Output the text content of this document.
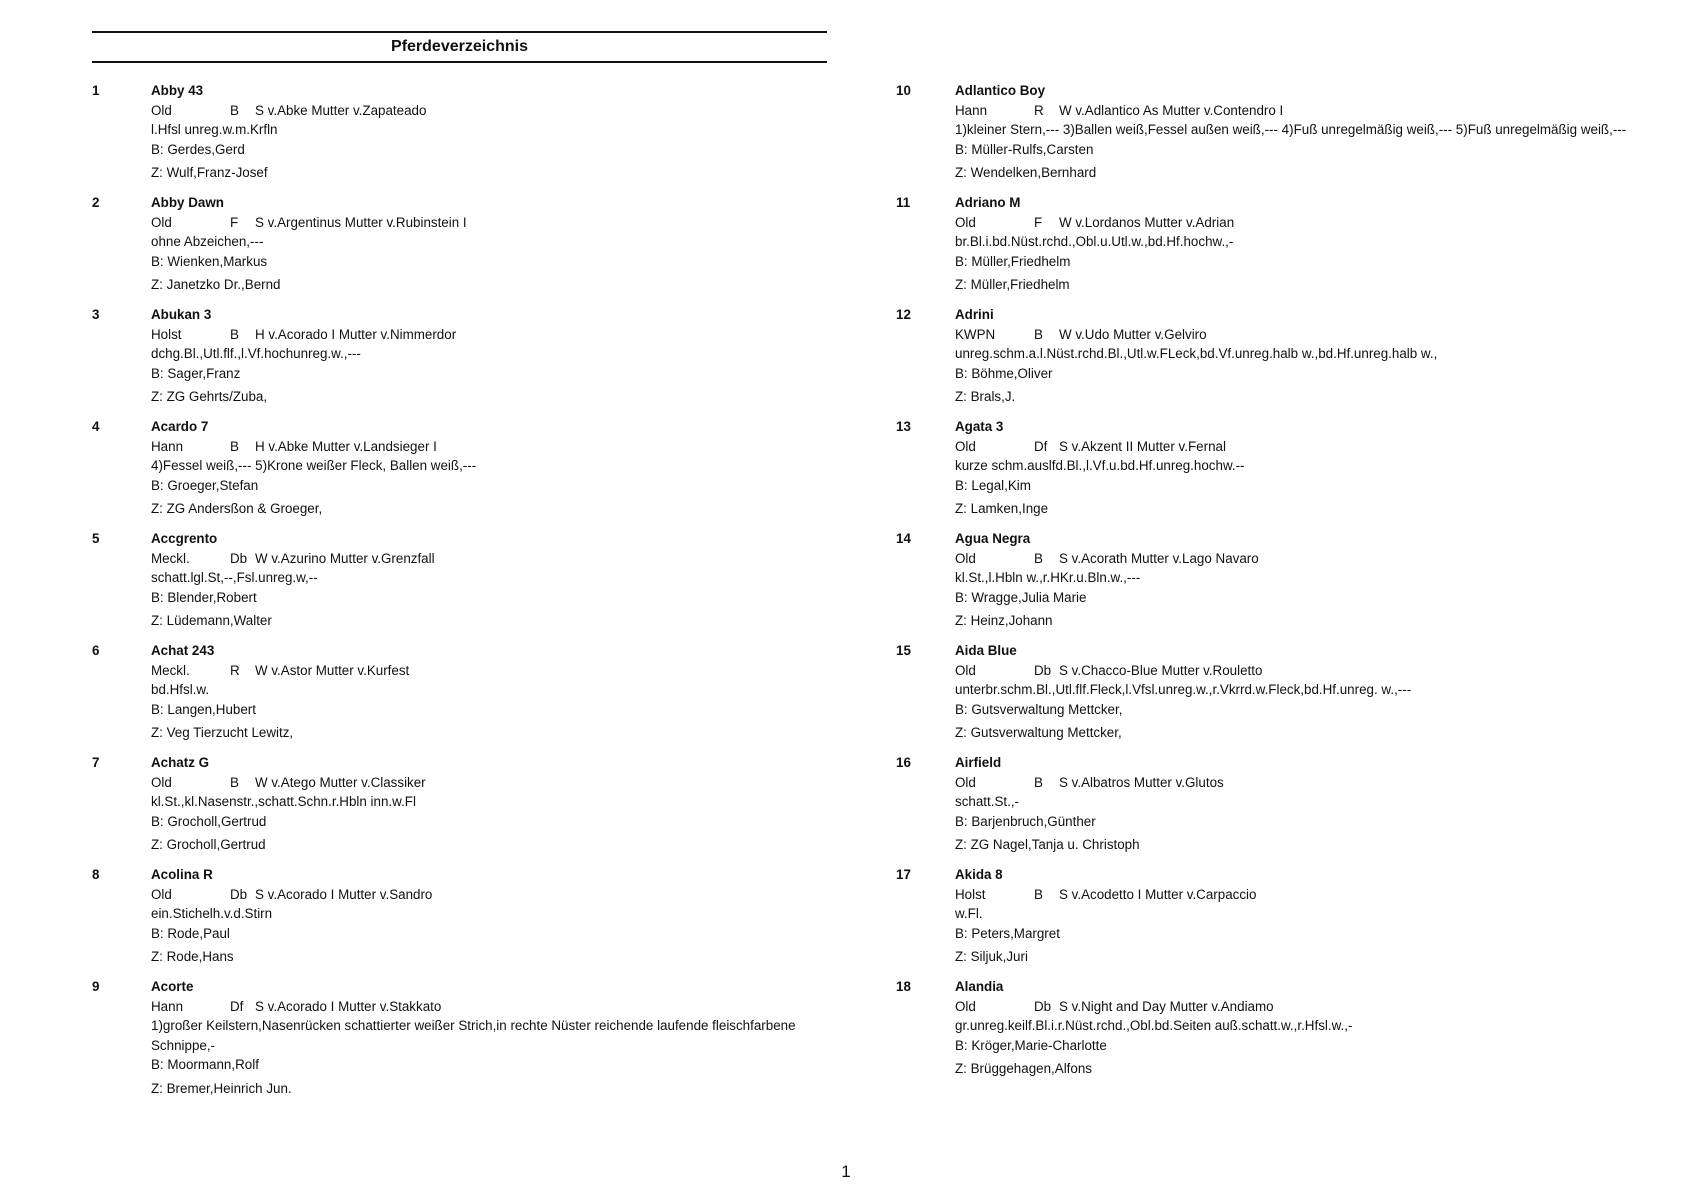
Pferdeverzeichnis
1	Abby 43
Old	B S v.Abke Mutter v.Zapateado
l.Hfsl unreg.w.m.Krfln
B: Gerdes,Gerd
Z: Wulf,Franz-Josef
2	Abby Dawn
Old	F S v.Argentinus Mutter v.Rubinstein I
ohne Abzeichen,---
B: Wienken,Markus
Z: Janetzko Dr.,Bernd
3	Abukan 3
Holst	B H v.Acorado I Mutter v.Nimmerdor
dchg.Bl.,Utl.flf.,l.Vf.hochunreg.w.,---
B: Sager,Franz
Z: ZG Gehrts/Zuba,
4	Acardo 7
Hann	B H v.Abke Mutter v.Landsieger I
4)Fessel weiß,--- 5)Krone weißer Fleck, Ballen weiß,---
B: Groeger,Stefan
Z: ZG Andersßon & Groeger,
5	Accgrento
Meckl.	Db W v.Azurino Mutter v.Grenzfall
schatt.lgl.St,--,Fsl.unreg.w,--
B: Blender,Robert
Z: Lüdemann,Walter
6	Achat 243
Meckl.	R W v.Astor Mutter v.Kurfest
bd.Hfsl.w.
B: Langen,Hubert
Z: Veg Tierzucht Lewitz,
7	Achatz G
Old	B W v.Atego Mutter v.Classiker
kl.St.,kl.Nasenstr.,schatt.Schn.r.Hbln inn.w.Fl
B: Grocholl,Gertrud
Z: Grocholl,Gertrud
8	Acolina R
Old	Db S v.Acorado I Mutter v.Sandro
ein.Stichelh.v.d.Stirn
B: Rode,Paul
Z: Rode,Hans
9	Acorte
Hann	Df S v.Acorado I Mutter v.Stakkato
1)großer Keilstern,Nasenrücken schattierter weißer Strich,in rechte Nüster reichende laufende fleischfarbene Schnippe,-
B: Moormann,Rolf
Z: Bremer,Heinrich Jun.
10	Adlantico Boy
Hann	R W v.Adlantico As Mutter v.Contendro I
1)kleiner Stern,--- 3)Ballen weiß,Fessel außen weiß,--- 4)Fuß unregelmäßig weiß,--- 5)Fuß unregelmäßig weiß,---
B: Müller-Rulfs,Carsten
Z: Wendelken,Bernhard
11	Adriano M
Old	F W v.Lordanos Mutter v.Adrian
br.Bl.i.bd.Nüst.rchd.,Obl.u.Utl.w.,bd.Hf.hochw.,-
B: Müller,Friedhelm
Z: Müller,Friedhelm
12	Adrini
KWPN	B W v.Udo Mutter v.Gelviro
unreg.schm.a.l.Nüst.rchd.Bl.,Utl.w.FLeck,bd.Vf.unreg.halb w.,bd.Hf.unreg.halb w.,
B: Böhme,Oliver
Z: Brals,J.
13	Agata 3
Old	Df S v.Akzent II Mutter v.Fernal
kurze schm.auslfd.Bl.,l.Vf.u.bd.Hf.unreg.hochw.--
B: Legal,Kim
Z: Lamken,Inge
14	Agua Negra
Old	B S v.Acorath Mutter v.Lago Navaro
kl.St.,l.Hbln w.,r.HKr.u.Bln.w.,---
B: Wragge,Julia Marie
Z: Heinz,Johann
15	Aida Blue
Old	Db S v.Chacco-Blue Mutter v.Rouletto
unterbr.schm.Bl.,Utl.flf.Fleck,l.Vfsl.unreg.w.,r.Vkrrd.w.Fleck,bd.Hf.unreg. w.,---
B: Gutsverwaltung Mettcker,
Z: Gutsverwaltung Mettcker,
16	Airfield
Old	B S v.Albatros Mutter v.Glutos
schatt.St.,-
B: Barjenbruch,Günther
Z: ZG Nagel,Tanja u. Christoph
17	Akida 8
Holst	B S v.Acodetto I Mutter v.Carpaccio
w.Fl.
B: Peters,Margret
Z: Siljuk,Juri
18	Alandia
Old	Db S v.Night and Day Mutter v.Andiamo
gr.unreg.keilf.Bl.i.r.Nüst.rchd.,Obl.bd.Seiten auß.schatt.w.,r.Hfsl.w.,-
B: Kröger,Marie-Charlotte
Z: Brüggehagen,Alfons
1
